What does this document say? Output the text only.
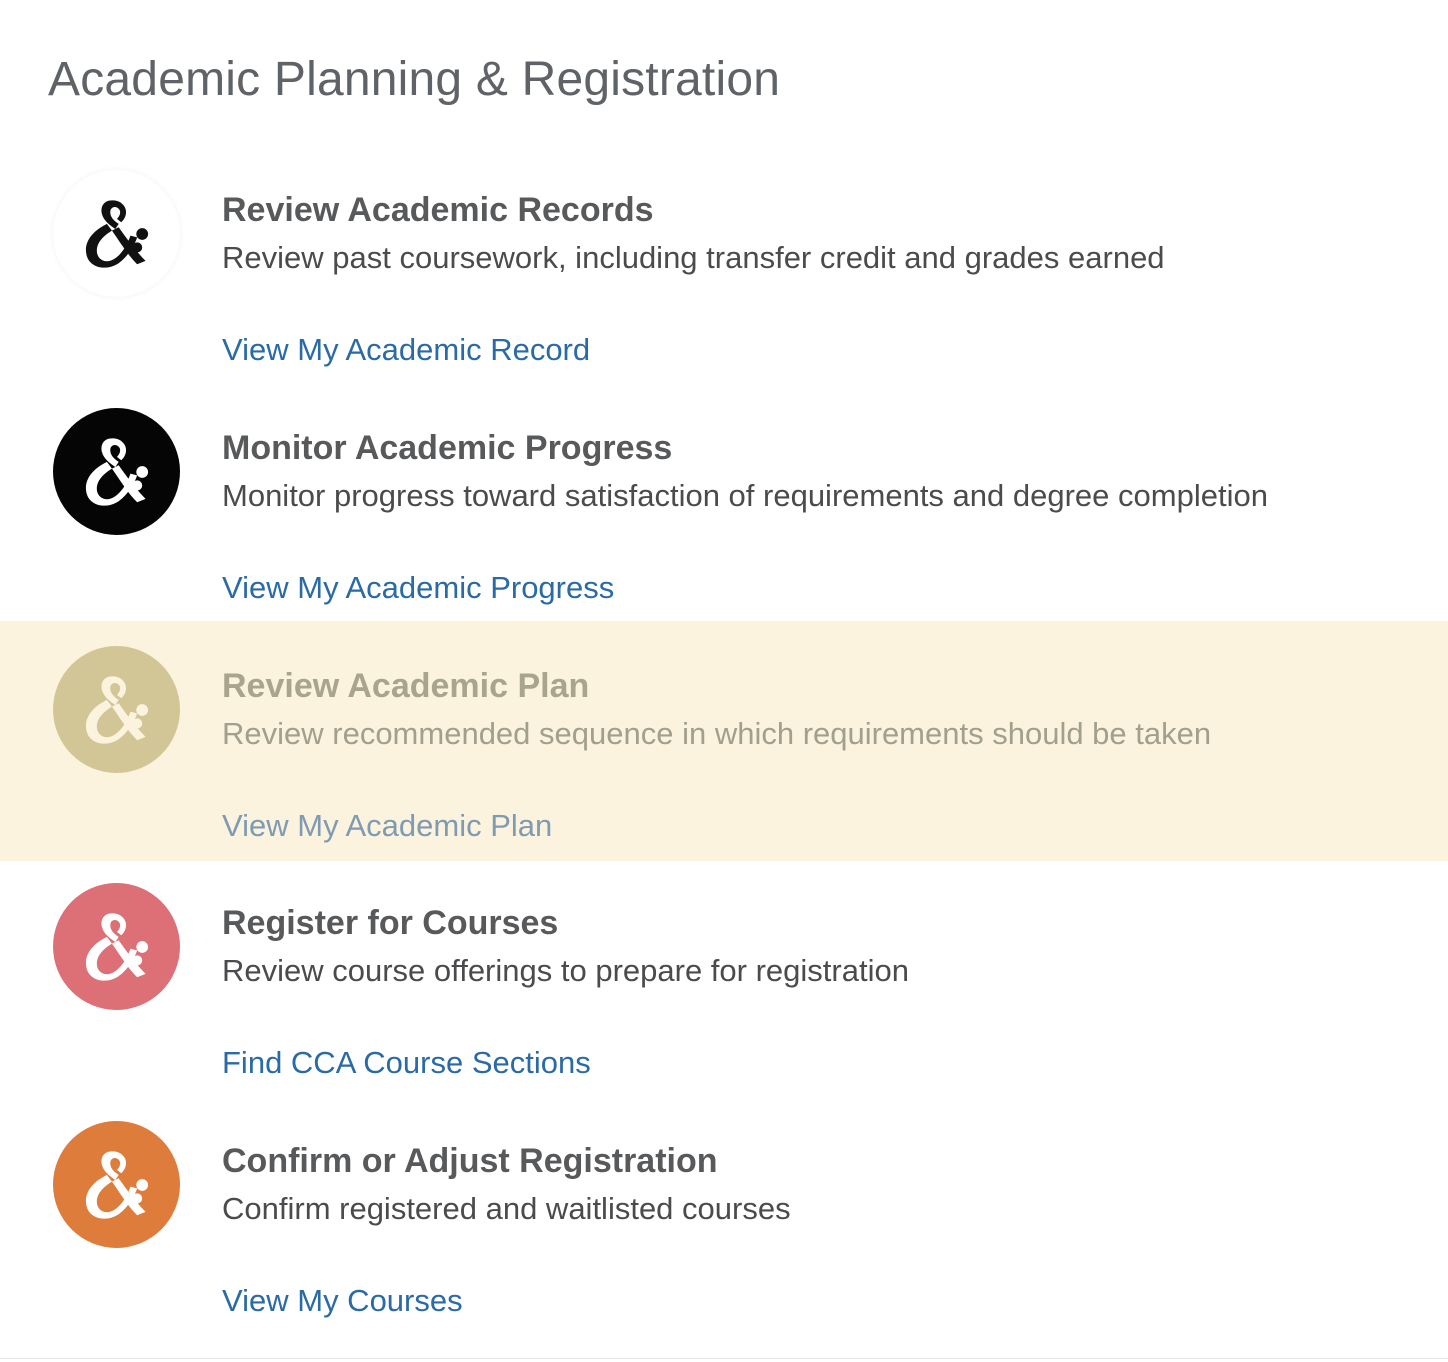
Academic Planning & Registration
Review Academic Records

Review past coursework, including transfer credit and grades earned

View My Academic Record
Monitor Academic Progress

Monitor progress toward satisfaction of requirements and degree completion

View My Academic Progress
Review Academic Plan

Review recommended sequence in which requirements should be taken

View My Academic Plan
Register for Courses

Review course offerings to prepare for registration

Find CCA Course Sections
Confirm or Adjust Registration

Confirm registered and waitlisted courses

View My Courses
